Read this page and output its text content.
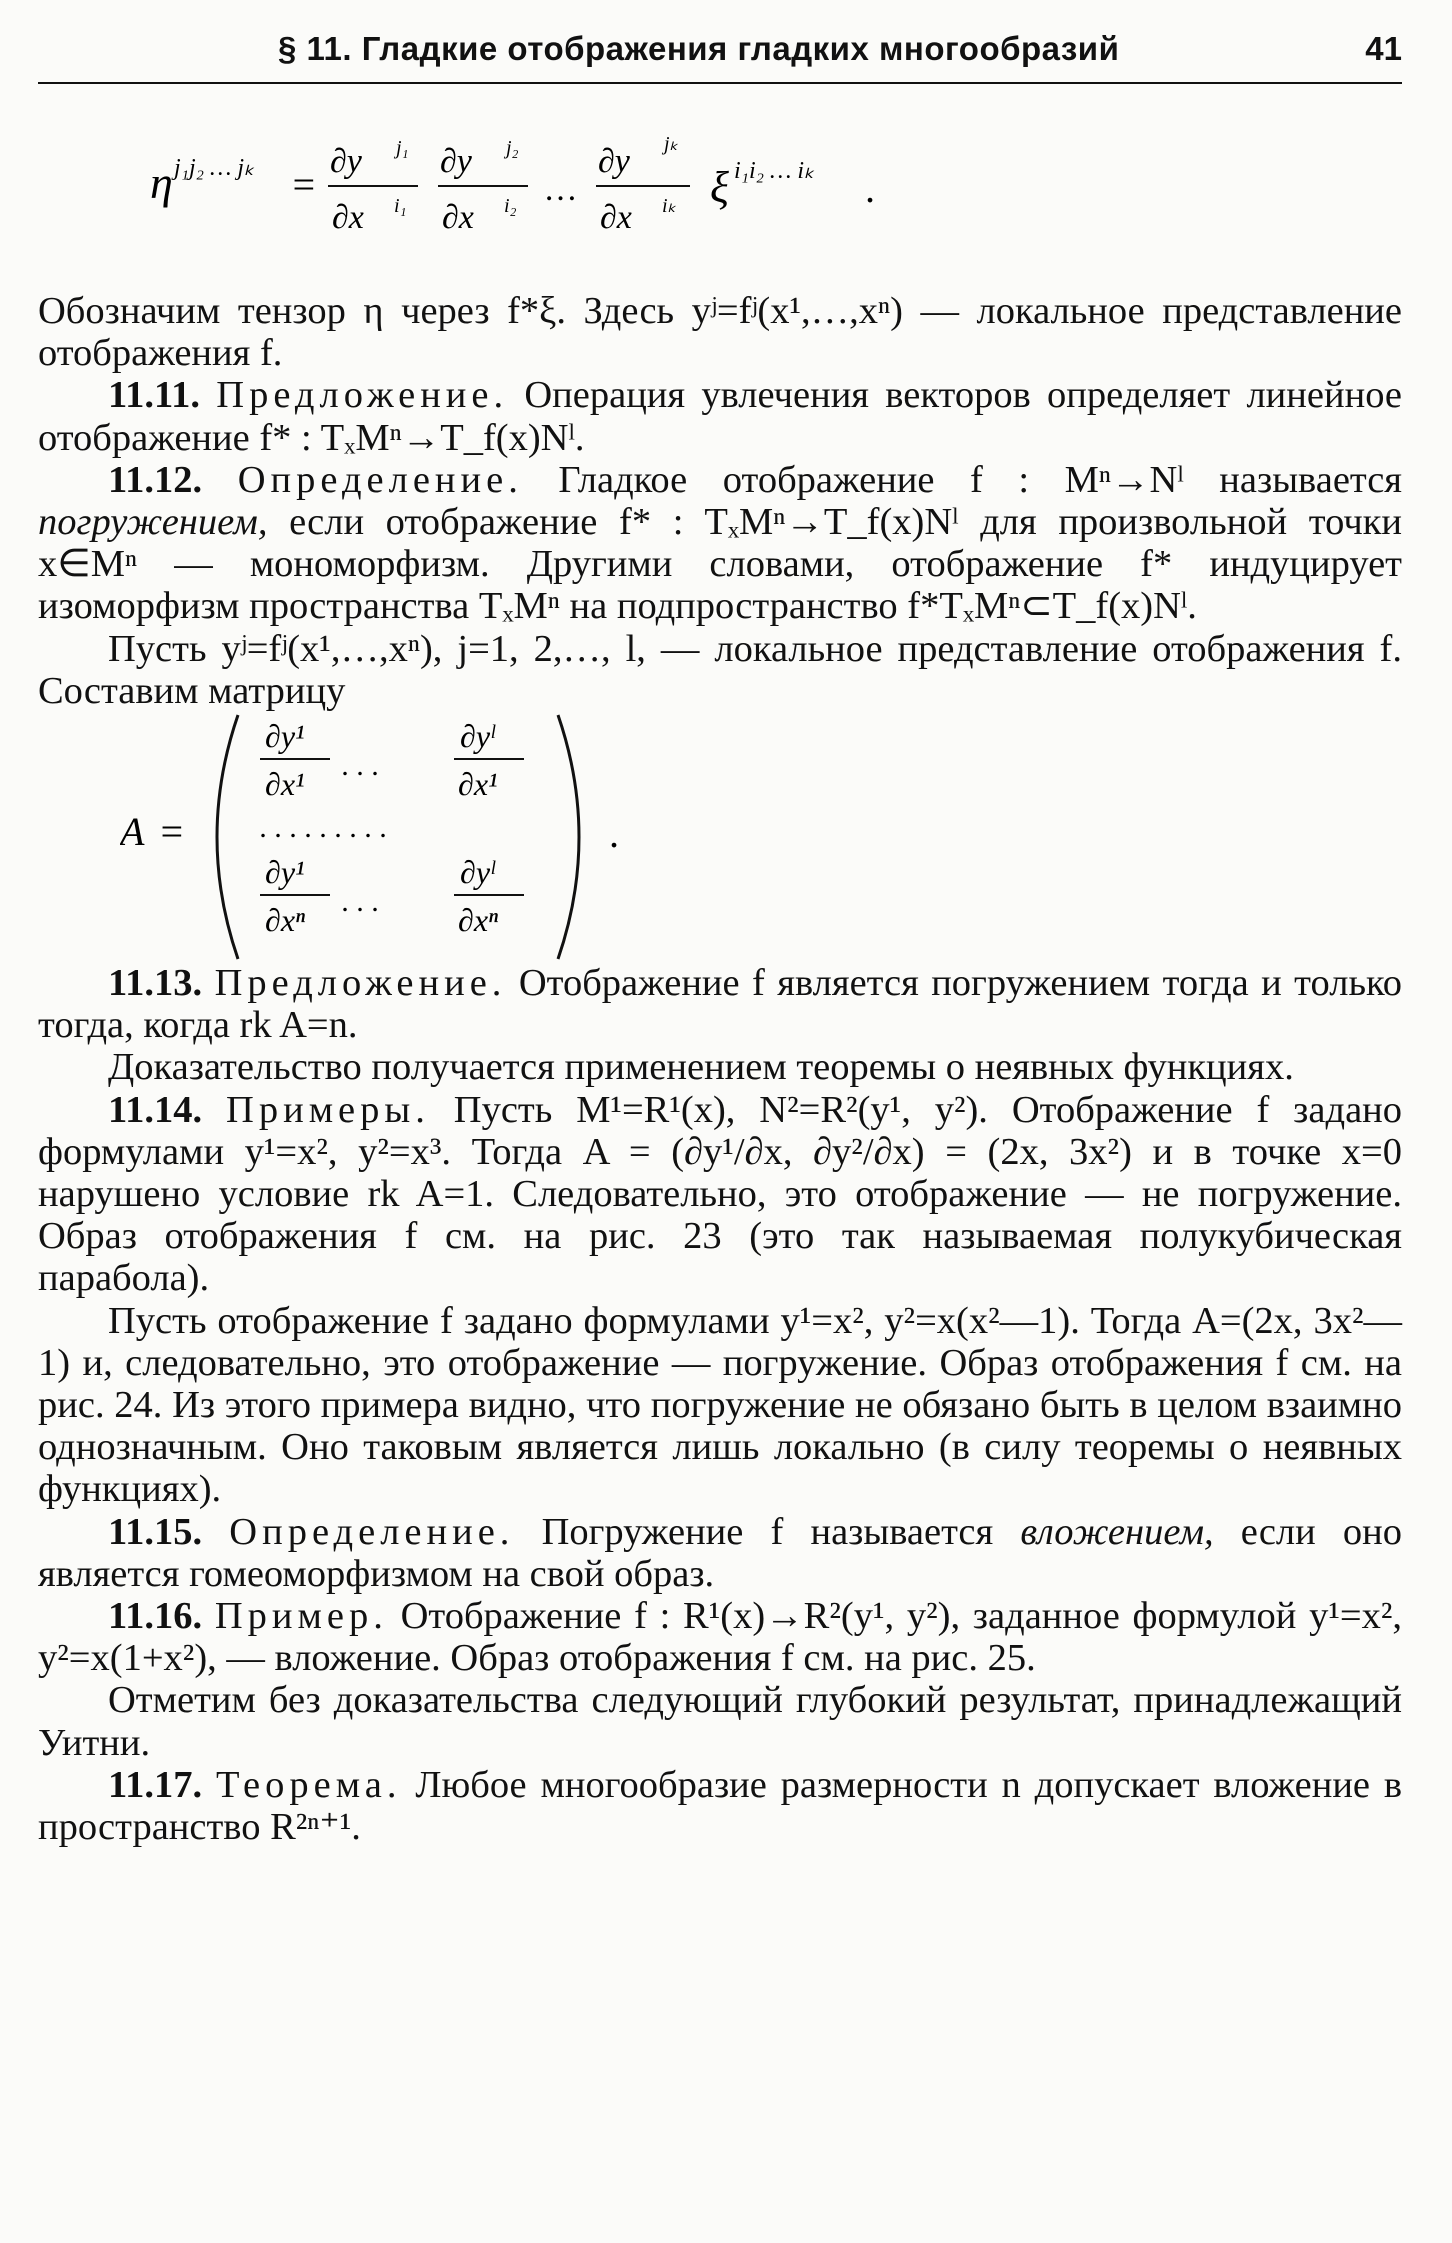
§ 11. Гладкие отображения гладких многообразий	41
η j₁j₂ … jₖ =
∂y j₁
∂x i₁
∂y j₂
∂x i₂ …
∂y jₖ
∂x iₖ ξ i₁i₂ … iₖ .

Обозначим тензор η через f*ξ. Здесь yʲ=fʲ(x¹,…,xⁿ) — локальное представление отображения f.

11.11. Предложение. Операция увлечения векторов определяет линейное отображение f* : TₓMⁿ→T_f(x)Nˡ.

11.12. Определение. Гладкое отображение f : Mⁿ→Nˡ называется погружением, если отображение f* : TₓMⁿ→T_f(x)Nˡ для произвольной точки x∈Mⁿ — мономорфизм. Другими словами, отображение f* индуцирует изоморфизм пространства TₓMⁿ на подпространство f*TₓMⁿ⊂T_f(x)Nˡ.

Пусть yʲ=fʲ(x¹,…,xⁿ), j=1, 2,…, l, — локальное представление отображения f. Составим матрицу

11.13. Предложение. Отображение f является погружением тогда и только тогда, когда rk A=n.

Доказательство получается применением теоремы о неявных функциях.

11.14. Примеры. Пусть M¹=R¹(x), N²=R²(y¹, y²). Отображение f задано формулами y¹=x², y²=x³. Тогда A = (∂y¹/∂x, ∂y²/∂x) = (2x, 3x²) и в точке x=0 нарушено условие rk A=1. Следовательно, это отображение — не погружение. Образ отображения f см. на рис. 23 (это так называемая полукубическая парабола).

Пусть отображение f задано формулами y¹=x², y²=x(x²—1). Тогда A=(2x, 3x²—1) и, следовательно, это отображение — погружение. Образ отображения f см. на рис. 24. Из этого примера видно, что погружение не обязано быть в целом взаимно однозначным. Оно таковым является лишь локально (в силу теоремы о неявных функциях).

11.15. Определение. Погружение f называется вложением, если оно является гомеоморфизмом на свой образ.

11.16. Пример. Отображение f : R¹(x)→R²(y¹, y²), заданное формулой y¹=x², y²=x(1+x²), — вложение. Образ отображения f см. на рис. 25.

Отметим без доказательства следующий глубокий результат, принадлежащий Уитни.

11.17. Теорема. Любое многообразие размерности n допускает вложение в пространство R²ⁿ⁺¹.

A =
∂y¹
∂x¹
. . .
∂yˡ
∂x¹
. . . . . . . . .
∂y¹
∂xⁿ
. . .
∂yˡ
∂xⁿ
.
